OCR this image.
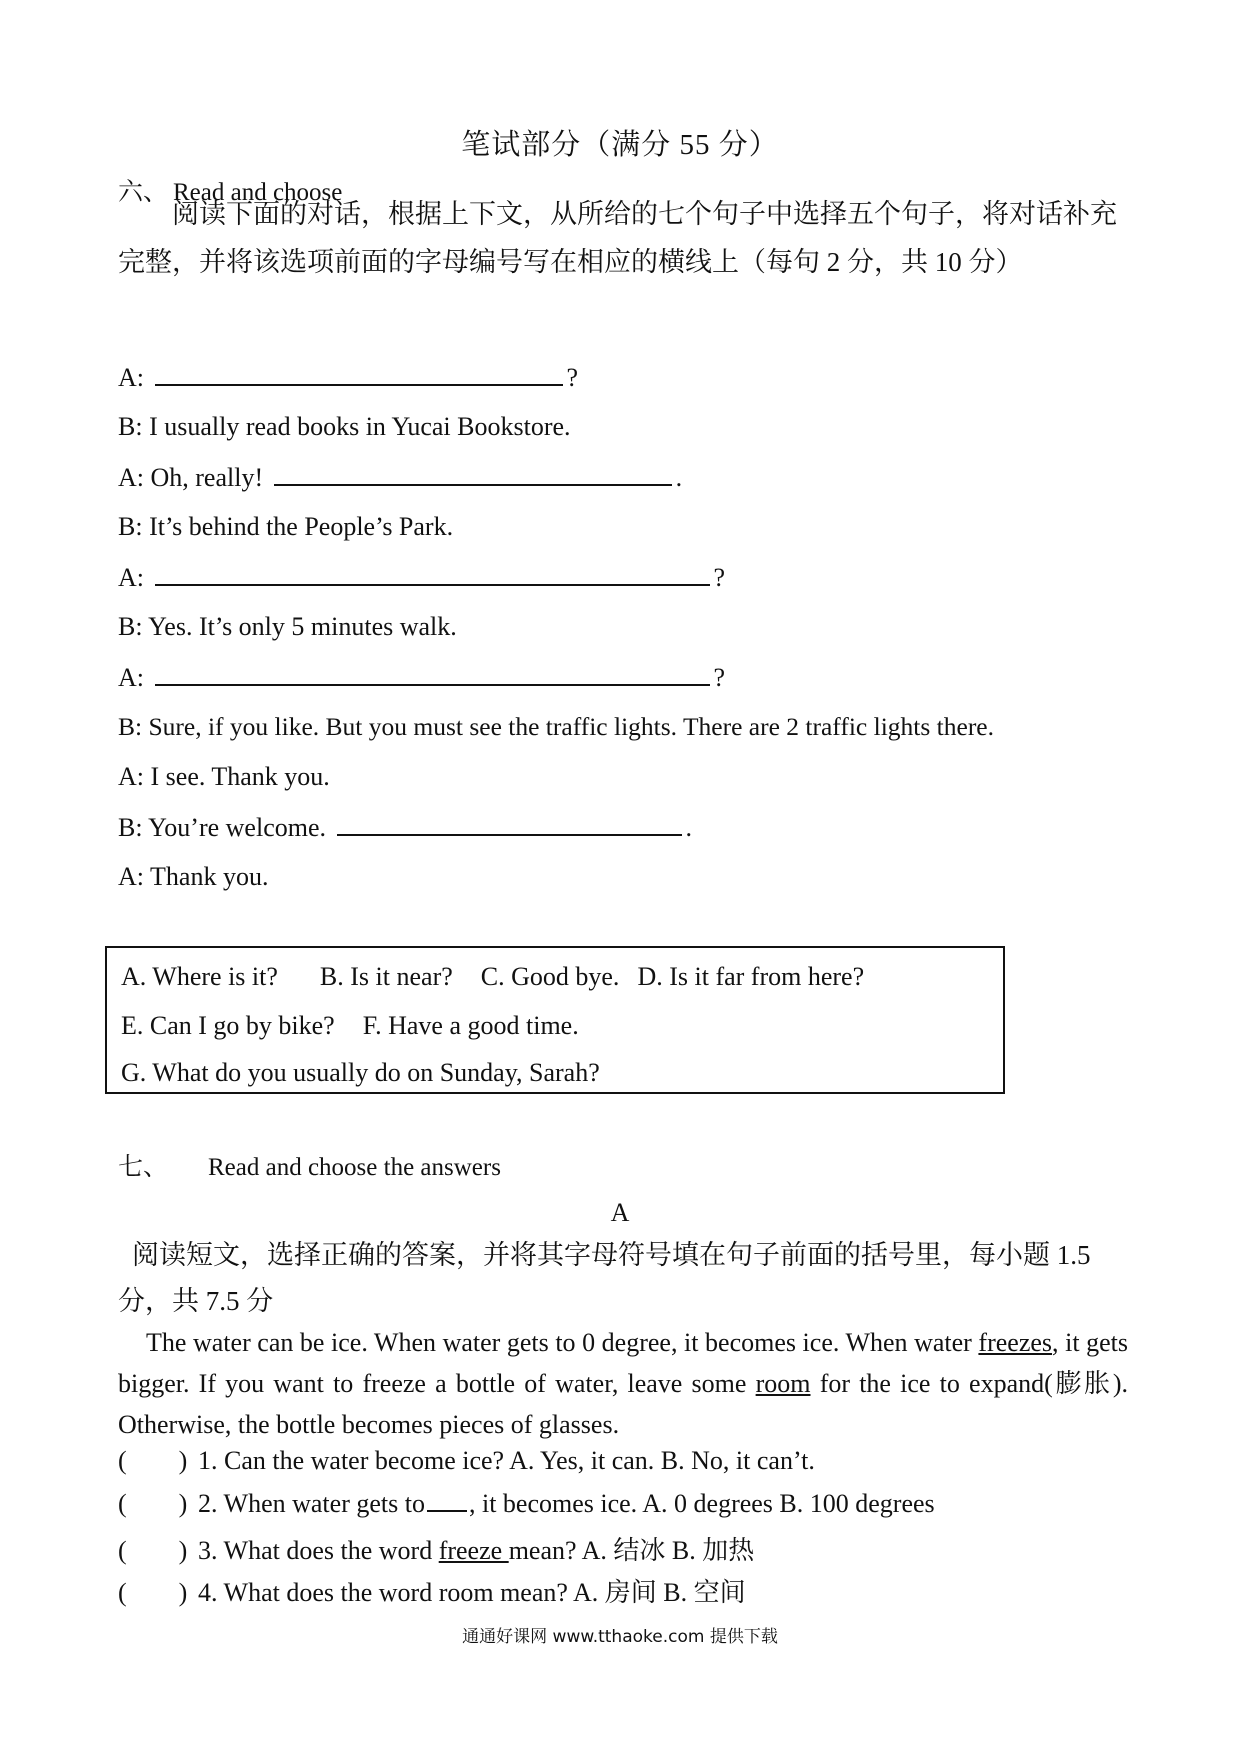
笔试部分（满分 55 分）
六、 Read and choose
阅读下面的对话，根据上下文，从所给的七个句子中选择五个句子，将对话补充完整，并将该选项前面的字母编号写在相应的横线上（每句 2 分，共 10 分）
A:	?
B: I usually read books in Yucai Bookstore.
A: Oh, really!	.
B: It’s behind the People’s Park.
A:	?
B: Yes. It’s only 5 minutes walk.
A:	?
B: Sure, if you like. But you must see the traffic lights. There are 2 traffic lights there.
A: I see. Thank you.
B: You’re welcome.	.
A: Thank you.
A. Where is it? B. Is it near? C. Good bye. D. Is it far from here?
E. Can I go by bike? F. Have a good time.
G. What do you usually do on Sunday, Sarah?
七、 Read and choose the answers
A
阅读短文，选择正确的答案，并将其字母符号填在句子前面的括号里，每小题 1.5 分，共 7.5 分
The water can be ice. When water gets to 0 degree, it becomes ice. When water freezes, it gets bigger. If you want to freeze a bottle of water, leave some room for the ice to expand(膨胀). Otherwise, the bottle becomes pieces of glasses.
( ) 1. Can the water become ice? A. Yes, it can. B. No, it can’t.
( ) 2. When water gets to , it becomes ice. A. 0 degrees B. 100 degrees
( ) 3. What does the word freeze mean? A. 结冰 B. 加热
( ) 4. What does the word room mean? A. 房间 B. 空间
通通好课网 www.tthaoke.com 提供下载
